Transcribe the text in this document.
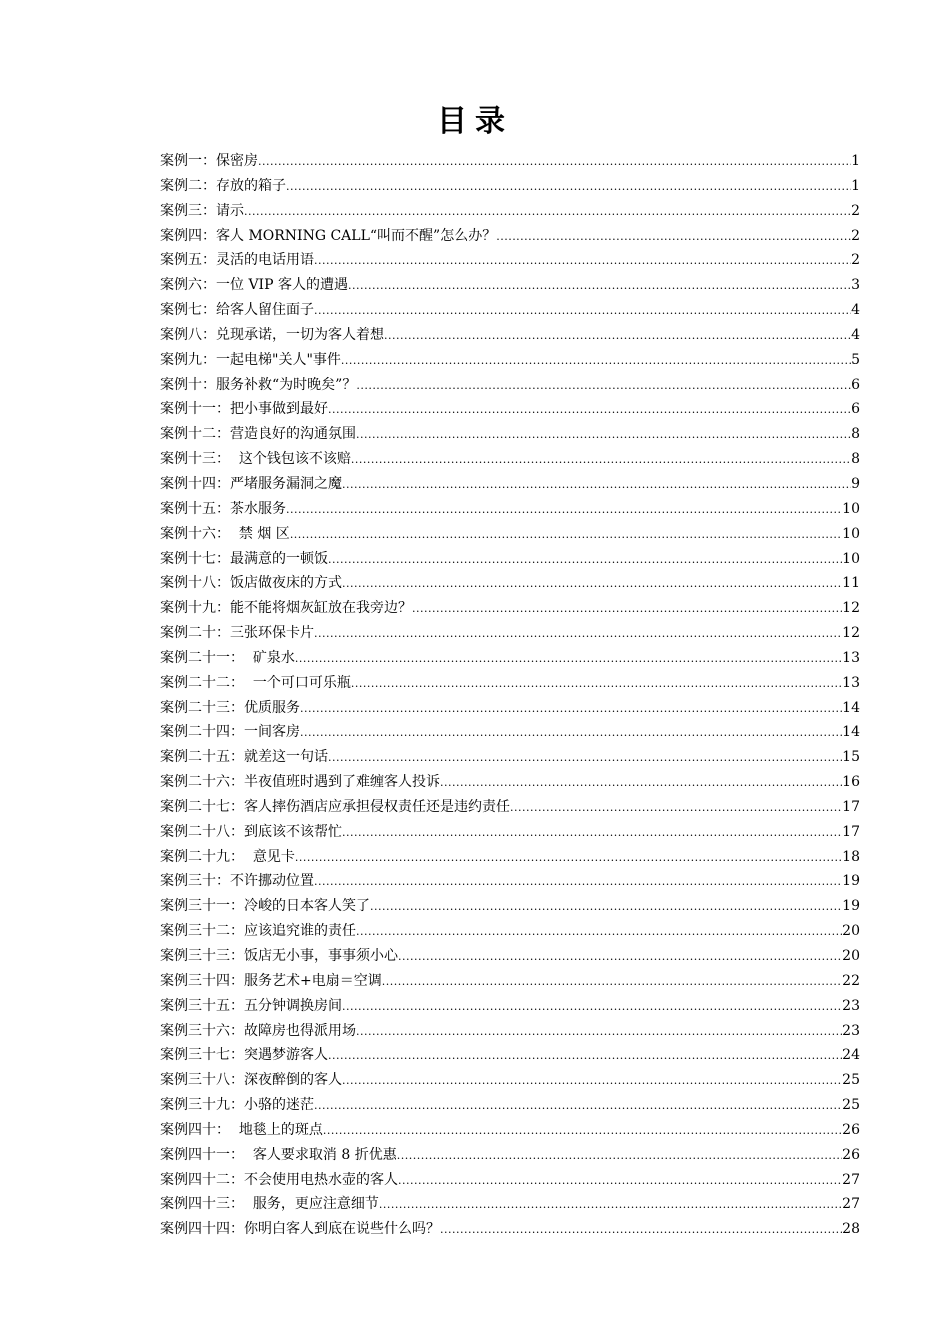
目录
案例一：保密房 .....	1
案例二：存放的箱子 .....	1
案例三：请示 .....	2
案例四：客人 MORNING CALL“叫而不醒”怎么办？ .....	2
案例五：灵活的电话用语 .....	2
案例六：一位 VIP 客人的遭遇 .....	3
案例七：给客人留住面子 .....	4
案例八：兑现承诺，一切为客人着想 .....	4
案例九：一起电梯"关人"事件 .....	5
案例十：服务补救“为时晚矣”？ .....	6
案例十一：把小事做到最好 .....	6
案例十二：营造良好的沟通氛围 .....	8
案例十三：  这个钱包该不该赔 .....	8
案例十四：严堵服务漏洞之魔 .....	9
案例十五：茶水服务 .....	10
案例十六：  禁 烟 区 .....	10
案例十七：最满意的一顿饭 .....	10
案例十八：饭店做夜床的方式 .....	11
案例十九：能不能将烟灰缸放在我旁边？ .....	12
案例二十：三张环保卡片 .....	12
案例二十一：  矿泉水 .....	13
案例二十二：  一个可口可乐瓶 .....	13
案例二十三：优质服务 .....	14
案例二十四：一间客房 .....	14
案例二十五：就差这一句话 .....	15
案例二十六：半夜值班时遇到了难缠客人投诉 .....	16
案例二十七：客人摔伤酒店应承担侵权责任还是违约责任 .....	17
案例二十八：到底该不该帮忙 .....	17
案例二十九：  意见卡 .....	18
案例三十：不许挪动位置 .....	19
案例三十一：冷峻的日本客人笑了 .....	19
案例三十二：应该追究谁的责任 .....	20
案例三十三：饭店无小事，事事须小心 .....	20
案例三十四：服务艺术+电扇＝空调 .....	22
案例三十五：五分钟调换房间 .....	23
案例三十六：故障房也得派用场 .....	23
案例三十七：突遇梦游客人 .....	24
案例三十八：深夜醉倒的客人 .....	25
案例三十九：小骆的迷茫 .....	25
案例四十：  地毯上的斑点 .....	26
案例四十一：  客人要求取消 8 折优惠 .....	26
案例四十二：不会使用电热水壶的客人 .....	27
案例四十三：  服务，更应注意细节 .....	27
案例四十四：你明白客人到底在说些什么吗？ .....	28
